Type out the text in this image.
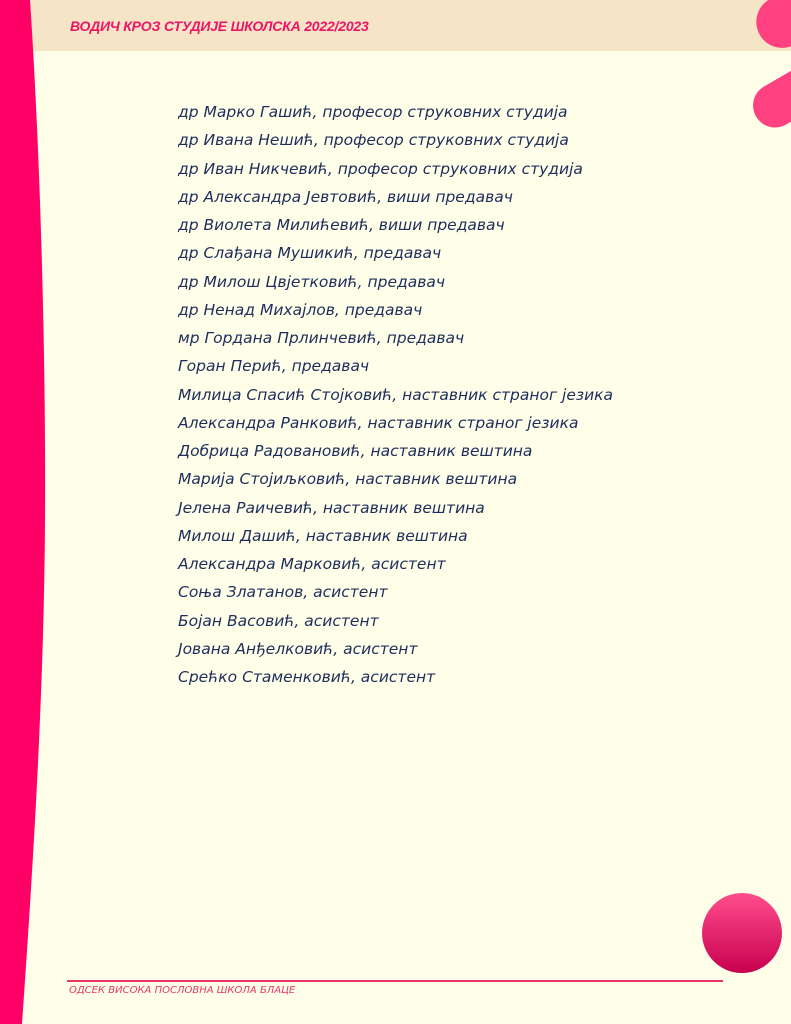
ВОДИЧ КРОЗ СТУДИЈЕ ШКОЛСКА 2022/2023
др Марко Гашић, професор струковних студија
др Ивана Нешић, професор струковних студија
др Иван Никчевић, професор струковних студија
др Александра Јевтовић, виши предавач
др Виолета Милићевић, виши предавач
др Слађана Мушикић, предавач
др Милош Цвјетковић, предавач
др Ненад Михајлов, предавач
мр Гордана Прлинчевић, предавач
Горан Перић, предавач
Милица Спасић Стојковић, наставник страног језика
Александра Ранковић, наставник страног језика
Добрица Радовановић, наставник вештина
Марија Стојиљковић, наставник вештина
Јелена Раичевић, наставник вештина
Милош Дашић, наставник вештина
Александра Марковић, асистент
Соња Златанов, асистент
Бојан Васовић, асистент
Јована Анђелковић, асистент
Срећко Стаменковић, асистент
ОДСЕК ВИСОКА ПОСЛОВНА ШКОЛА БЛАЦЕ
